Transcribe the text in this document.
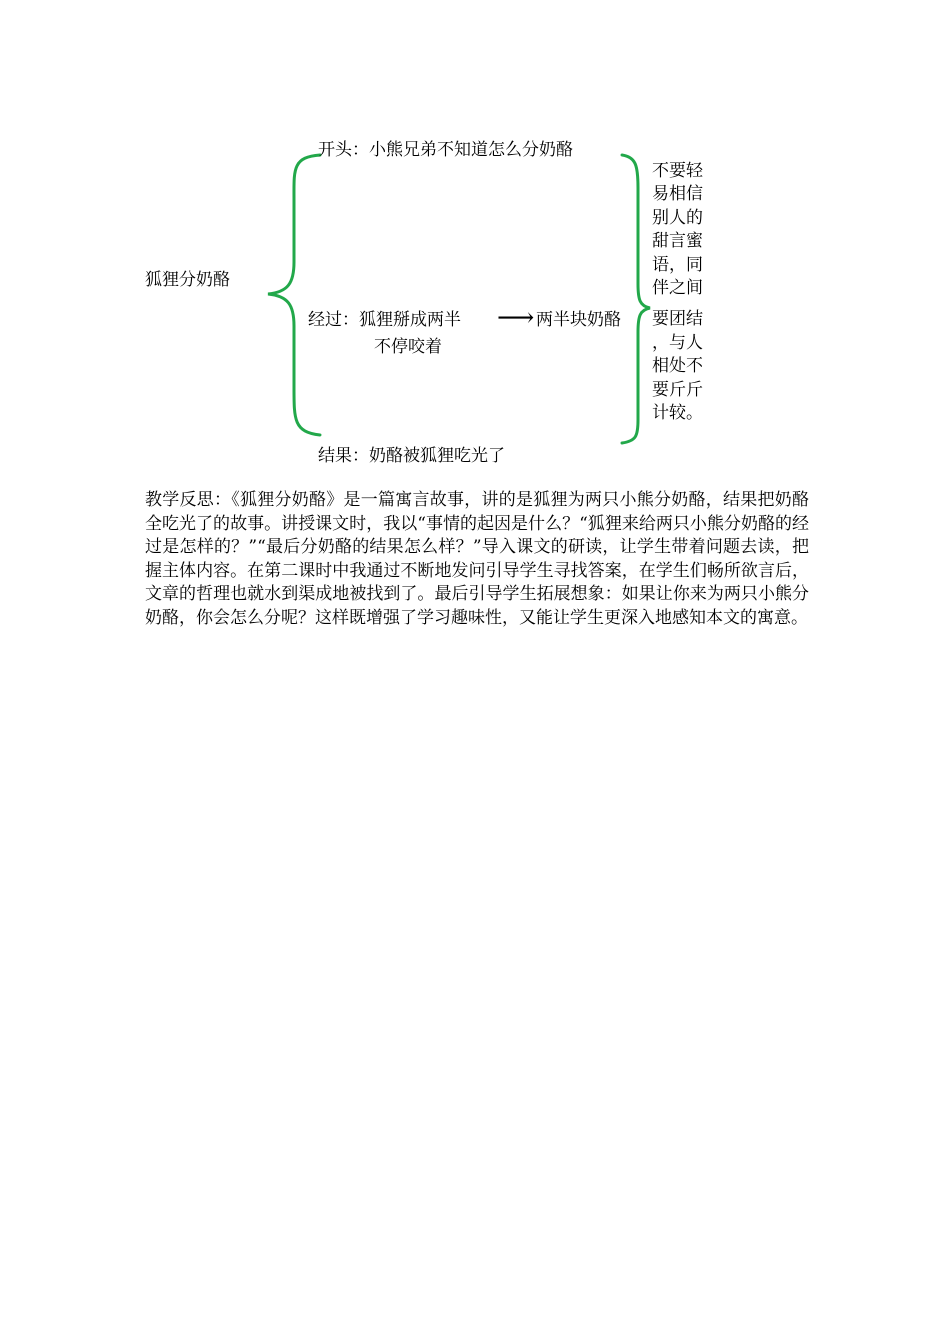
狐狸分奶酪
开头：小熊兄弟不知道怎么分奶酪
经过：狐狸掰成两半
不停咬着
⟶ 两半块奶酪
结果：奶酪被狐狸吃光了
不要轻
易相信
别人的
甜言蜜
语，同
伴之间
要团结
，与人
相处不
要斤斤
计较。
教学反思：《狐狸分奶酪》是一篇寓言故事，讲的是狐狸为两只小熊分奶酪，结果把奶酪全吃光了的故事。讲授课文时，我以“事情的起因是什么？“狐狸来给两只小熊分奶酪的经过是怎样的？”“最后分奶酪的结果怎么样？”导入课文的研读，让学生带着问题去读，把握主体内容。在第二课时中我通过不断地发问引导学生寻找答案，在学生们畅所欲言后，文章的哲理也就水到渠成地被找到了。最后引导学生拓展想象：如果让你来为两只小熊分奶酪，你会怎么分呢？这样既增强了学习趣味性，又能让学生更深入地感知本文的寓意。
